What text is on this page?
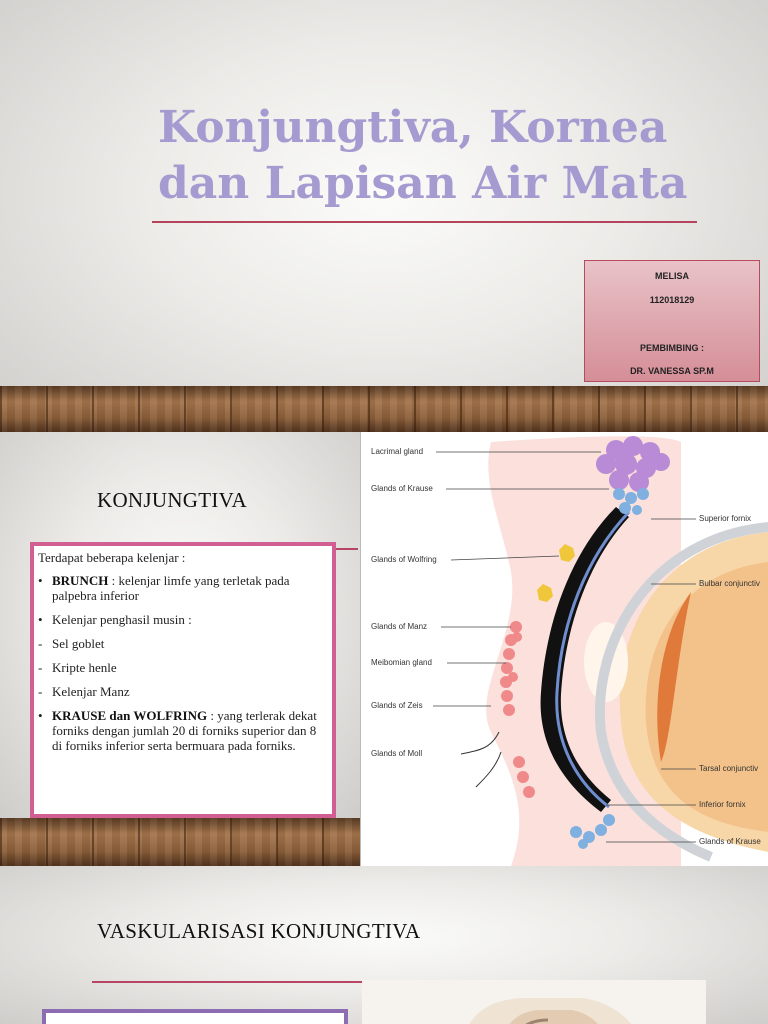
Konjungtiva, Kornea
dan Lapisan Air Mata
MELISA
112018129
PEMBIMBING :
DR. VANESSA SP.M
KONJUNGTIVA
Terdapat beberapa kelenjar :
• BRUNCH : kelenjar limfe yang terletak pada palpebra inferior
• Kelenjar penghasil musin :
- Sel goblet
- Kripte henle
- Kelenjar Manz
• KRAUSE dan WOLFRING : yang terlerak dekat forniks dengan jumlah 20 di forniks superior dan 8 di forniks inferior serta bermuara pada forniks.
Lacrimal gland
Glands of Krause
Glands of Wolfring
Glands of Manz
Meibomian gland
Glands of Zeis
Glands of Moll
Superior fornix
Bulbar conjunctiv
Tarsal conjunctiv
Inferior fornix
Glands of Krause
VASKULARISASI KONJUNGTIVA
